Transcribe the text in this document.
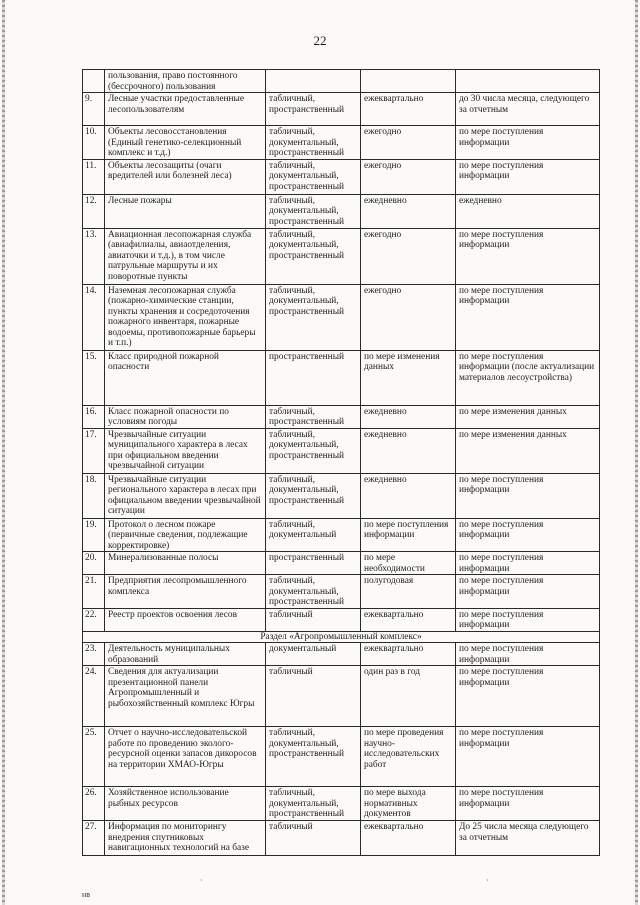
22
	пользования, право постоянного (бессрочного) пользования			
9.	Лесные участки предоставленные лесопользователям	табличный, пространственный	ежеквартально	до 30 числа месяца, следующего за отчетным
10.	Объекты лесовосстановления (Единый генетико-селекционный комплекс и т.д.)	табличный, документальный, пространственный	ежегодно	по мере поступления информации
11.	Объекты лесозащиты (очаги вредителей или болезней леса)	табличный, документальный, пространственный	ежегодно	по мере поступления информации
12.	Лесные пожары	табличный, документальный, пространственный	ежедневно	ежедневно
13.	Авиационная лесопожарная служба (авиафилиалы, авиаотделения, авиаточки и т.д.), в том числе патрульные маршруты и их поворотные пункты	табличный, документальный, пространственный	ежегодно	по мере поступления информации
14.	Наземная лесопожарная служба (пожарно-химические станции, пункты хранения и сосредоточения пожарного инвентаря, пожарные водоемы, противопожарные барьеры и т.п.)	табличный, документальный, пространственный	ежегодно	по мере поступления информации
15.	Класс природной пожарной опасности	пространственный	по мере изменения данных	по мере поступления информации (после актуализации материалов лесоустройства)
16.	Класс пожарной опасности по условиям погоды	табличный, пространственный	ежедневно	по мере изменения данных
17.	Чрезвычайные ситуации муниципального характера в лесах при официальном введении чрезвычайной ситуации	табличный, документальный, пространственный	ежедневно	по мере изменения данных
18.	Чрезвычайные ситуации регионального характера в лесах при официальном введении чрезвычайной ситуации	табличный, документальный, пространственный	ежедневно	по мере поступления информации
19.	Протокол о лесном пожаре (первичные сведения, подлежащие корректировке)	табличный, документальный	по мере поступления информации	по мере поступления информации
20.	Минерализованные полосы	пространственный	по мере необходимости	по мере поступления информации
21.	Предприятия лесопромышленного комплекса	табличный, документальный, пространственный	полугодовая	по мере поступления информации
22.	Реестр проектов освоения лесов	табличный	ежеквартально	по мере поступления информации
Раздел «Агропромышленный комплекс»				
23.	Деятельность муниципальных образований	документальный	ежеквартально	по мере поступления информации
24.	Сведения для актуализации презентационной панели Агропромышленный и рыбохозяйственный комплекс Югры	табличный	один раз в год	по мере поступления информации
25.	Отчет о научно-исследовательской работе по проведению эколого-ресурсной оценки запасов дикоросов на территории ХМАО-Югры	табличный, документальный, пространственный	по мере проведения научно-исследовательских работ	по мере поступления информации
26.	Хозяйственное использование рыбных ресурсов	табличный, документальный, пространственный	по мере выхода нормативных документов	по мере поступления информации
27.	Информация по мониторингу внедрения спутниковых навигационных технологий на базе	табличный	ежеквартально	До 25 числа месяца следующего за отчетным
нв
·	·
